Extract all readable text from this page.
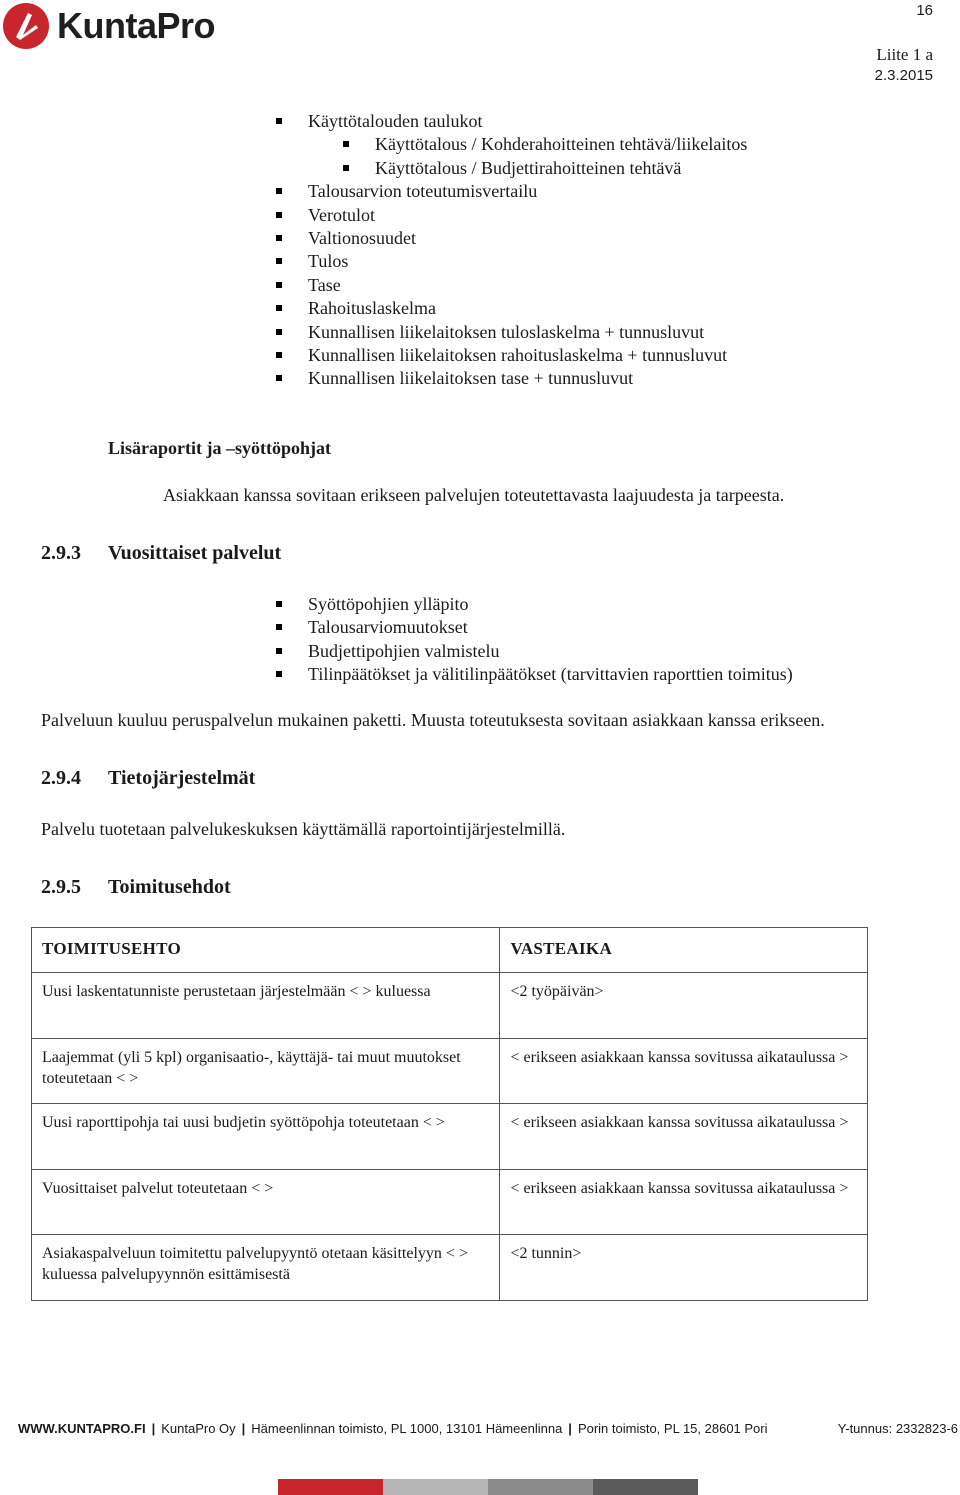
KuntaPro	16
Liite 1 a
2.3.2015
Käyttötalouden taulukot
Käyttötalous / Kohderahoitteinen tehtävä/liikelaitos
Käyttötalous / Budjettirahoitteinen tehtävä
Talousarvion toteutumisvertailu
Verotulot
Valtionosuudet
Tulos
Tase
Rahoituslaskelma
Kunnallisen liikelaitoksen tuloslaskelma + tunnusluvut
Kunnallisen liikelaitoksen rahoituslaskelma + tunnusluvut
Kunnallisen liikelaitoksen tase + tunnusluvut
Lisäraportit ja –syöttöpohjat
Asiakkaan kanssa sovitaan erikseen palvelujen toteutettavasta laajuudesta ja tarpeesta.
2.9.3 Vuosittaiset palvelut
Syöttöpohjien ylläpito
Talousarviomuutokset
Budjettipohjien valmistelu
Tilinpäätökset ja välitilinpäätökset (tarvittavien raporttien toimitus)
Palveluun kuuluu peruspalvelun mukainen paketti. Muusta toteutuksesta sovitaan asiakkaan kanssa erikseen.
2.9.4 Tietojärjestelmät
Palvelu tuotetaan palvelukeskuksen käyttämällä raportointijärjestelmillä.
2.9.5 Toimitusehdot
TOIMITUSEHTO	VASTEAIKA
Uusi laskentatunniste perustetaan järjestelmään < > kuluessa	<2 työpäivän>
Laajemmat (yli 5 kpl) organisaatio-, käyttäjä- tai muut muutokset toteutetaan < >	< erikseen asiakkaan kanssa sovitussa aikataulussa >
Uusi raporttipohja tai uusi budjetin syöttöpohja toteutetaan < >	< erikseen asiakkaan kanssa sovitussa aikataulussa >
Vuosittaiset palvelut toteutetaan < >	< erikseen asiakkaan kanssa sovitussa aikataulussa >
Asiakaspalveluun toimitettu palvelupyyntö otetaan käsittelyyn < > kuluessa palvelupyynnön esittämisestä	<2 tunnin>
WWW.KUNTAPRO.FI | KuntaPro Oy | Hämeenlinnan toimisto, PL 1000, 13101 Hämeenlinna | Porin toimisto, PL 15, 28601 Pori	Y-tunnus: 2332823-6
